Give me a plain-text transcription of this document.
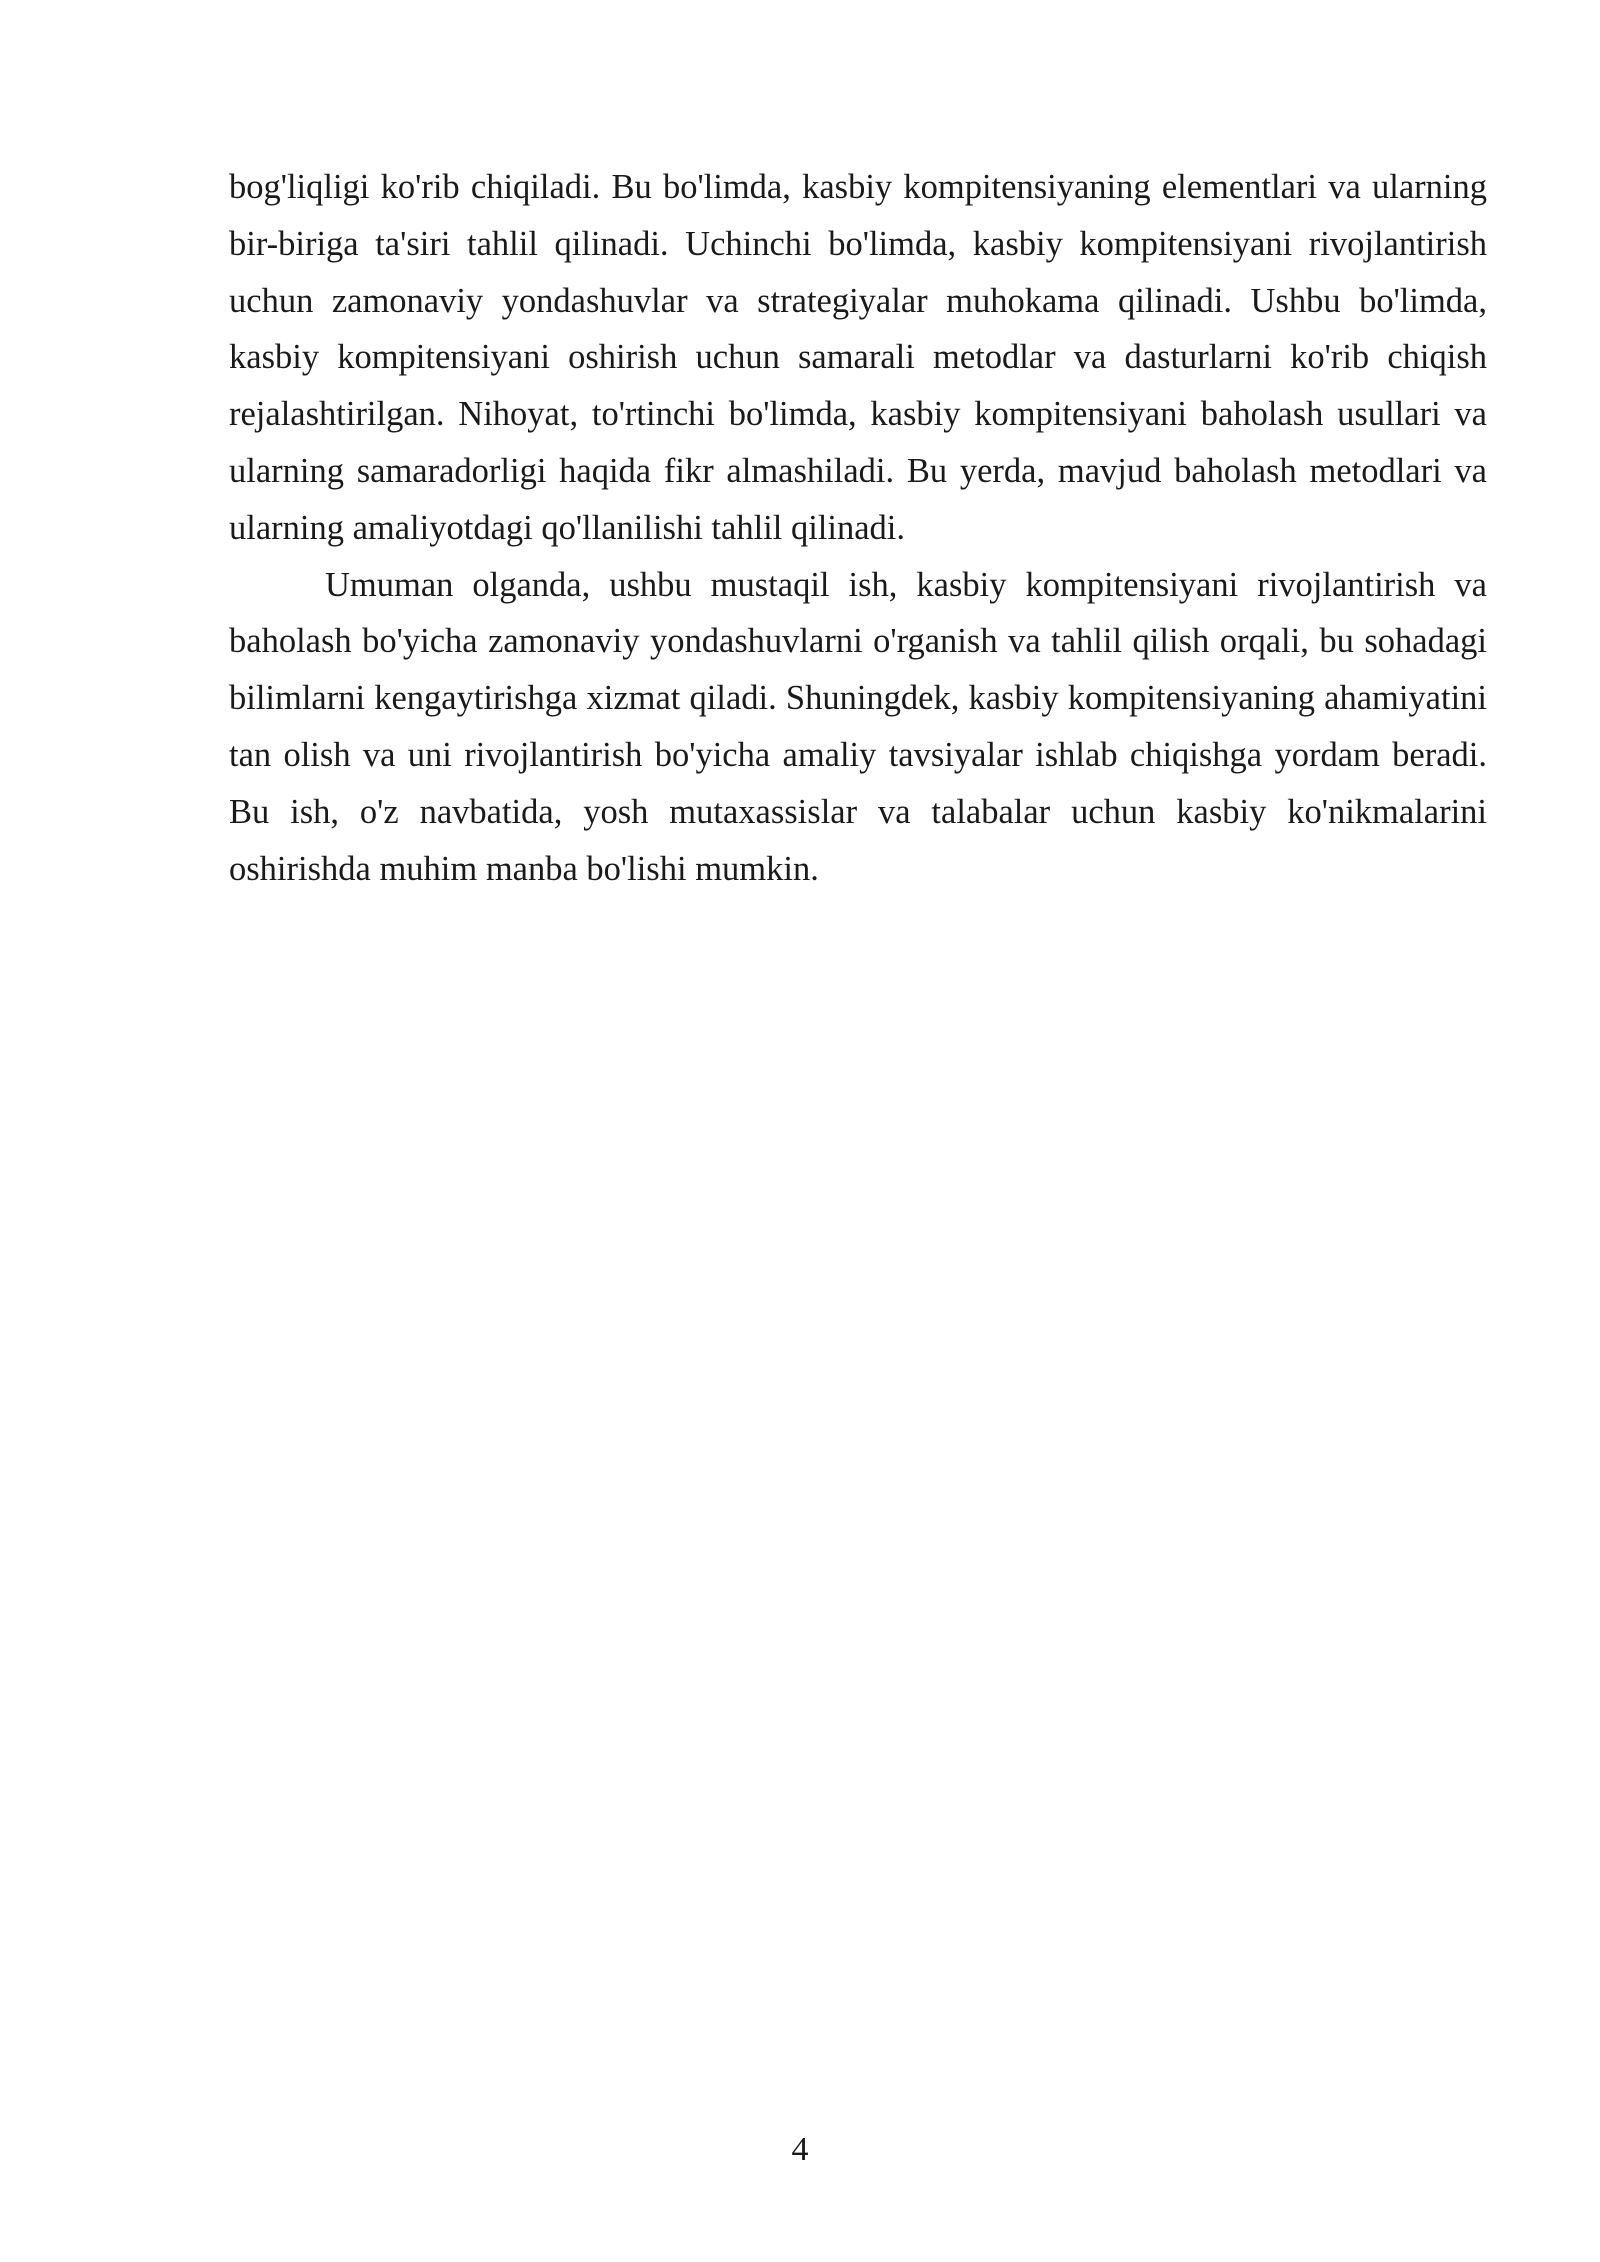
bog'liqligi ko'rib chiqiladi. Bu bo'limda, kasbiy kompitensiyaning elementlari va ularning bir-biriga ta'siri tahlil qilinadi. Uchinchi bo'limda, kasbiy kompitensiyani rivojlantirish uchun zamonaviy yondashuvlar va strategiyalar muhokama qilinadi. Ushbu bo'limda, kasbiy kompitensiyani oshirish uchun samarali metodlar va dasturlarni ko'rib chiqish rejalashtirilgan. Nihoyat, to'rtinchi bo'limda, kasbiy kompitensiyani baholash usullari va ularning samaradorligi haqida fikr almashiladi. Bu yerda, mavjud baholash metodlari va ularning amaliyotdagi qo'llanilishi tahlil qilinadi.

Umuman olganda, ushbu mustaqil ish, kasbiy kompitensiyani rivojlantirish va baholash bo'yicha zamonaviy yondashuvlarni o'rganish va tahlil qilish orqali, bu sohadagi bilimlarni kengaytirishga xizmat qiladi. Shuningdek, kasbiy kompitensiyaning ahamiyatini tan olish va uni rivojlantirish bo'yicha amaliy tavsiyalar ishlab chiqishga yordam beradi. Bu ish, o'z navbatida, yosh mutaxassislar va talabalar uchun kasbiy ko'nikmalarini oshirishda muhim manba bo'lishi mumkin.

4
